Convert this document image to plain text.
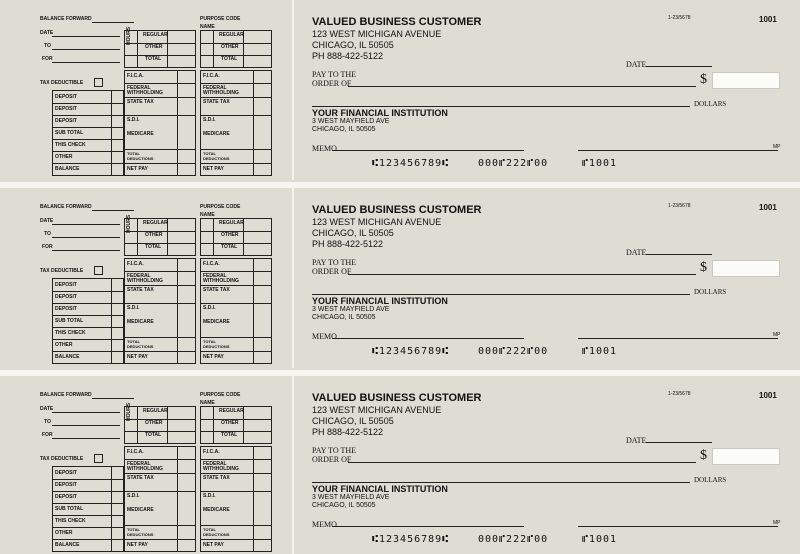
BALANCE FORWARD
DATE
TO
FOR
PURPOSE CODE
NAME
HOURS REGULAR
OTHER
TOTAL
REGULAR
OTHER
TOTAL
TAX DEDUCTIBLE
DEPOSIT
DEPOSIT
DEPOSIT
SUB TOTAL
THIS CHECK
OTHER
BALANCE
F.I.C.A.
FEDERAL
WITHHOLDING
STATE TAX
S.D.I.
MEDICARE
TOTAL DEDUCTIONS
NET PAY
F.I.C.A.
FEDERAL
WITHHOLDING
STATE TAX
S.D.I.
MEDICARE
TOTAL DEDUCTIONS
NET PAY
VALUED BUSINESS CUSTOMER
123 WEST MICHIGAN AVENUE
CHICAGO, IL 50505
PH 888-422-5122
1-23/5678	1001
DATE
PAY TO THE
ORDER OF	$
DOLLARS
YOUR FINANCIAL INSTITUTION
3 WEST MAYFIELD AVE
CHICAGO, IL 50505
MEMO	MP
⑆123456789⑆	000⑈222⑈00	⑈1001
BALANCE FORWARD
DATE
TO
FOR
PURPOSE CODE
NAME
HOURS REGULAR
OTHER
TOTAL
REGULAR
OTHER
TOTAL
TAX DEDUCTIBLE
DEPOSIT
DEPOSIT
DEPOSIT
SUB TOTAL
THIS CHECK
OTHER
BALANCE
F.I.C.A.
FEDERAL
WITHHOLDING
STATE TAX
S.D.I.
MEDICARE
TOTAL DEDUCTIONS
NET PAY
F.I.C.A.
FEDERAL
WITHHOLDING
STATE TAX
S.D.I.
MEDICARE
TOTAL DEDUCTIONS
NET PAY
VALUED BUSINESS CUSTOMER
123 WEST MICHIGAN AVENUE
CHICAGO, IL 50505
PH 888-422-5122
1-23/5678	1001
DATE
PAY TO THE
ORDER OF	$
DOLLARS
YOUR FINANCIAL INSTITUTION
3 WEST MAYFIELD AVE
CHICAGO, IL 50505
MEMO	MP
⑆123456789⑆	000⑈222⑈00	⑈1001
BALANCE FORWARD
DATE
TO
FOR
PURPOSE CODE
NAME
HOURS REGULAR
OTHER
TOTAL
REGULAR
OTHER
TOTAL
TAX DEDUCTIBLE
DEPOSIT
DEPOSIT
DEPOSIT
SUB TOTAL
THIS CHECK
OTHER
BALANCE
F.I.C.A.
FEDERAL
WITHHOLDING
STATE TAX
S.D.I.
MEDICARE
TOTAL DEDUCTIONS
NET PAY
F.I.C.A.
FEDERAL
WITHHOLDING
STATE TAX
S.D.I.
MEDICARE
TOTAL DEDUCTIONS
NET PAY
VALUED BUSINESS CUSTOMER
123 WEST MICHIGAN AVENUE
CHICAGO, IL 50505
PH 888-422-5122
1-23/5678	1001
DATE
PAY TO THE
ORDER OF	$
DOLLARS
YOUR FINANCIAL INSTITUTION
3 WEST MAYFIELD AVE
CHICAGO, IL 50505
MEMO	MP
⑆123456789⑆	000⑈222⑈00	⑈1001
